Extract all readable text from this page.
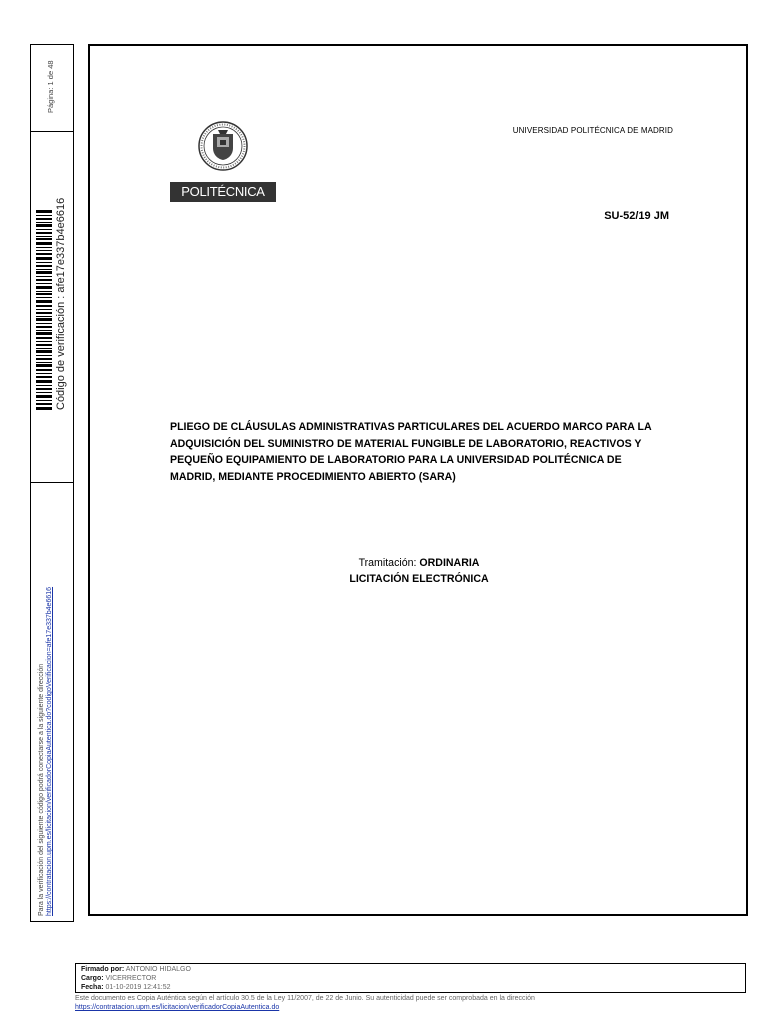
Página: 1 de 48
Código de verificación : afe17e337b4e6616
Para la verificación del siguiente código podrá conectarse a la siguiente dirección https://contratacion.upm.es/licitacion/verificadorCopiaAutentica.do?codigoVerificacion=afe17e337b4e6616
POLITÉCNICA
UNIVERSIDAD POLITÉCNICA DE MADRID
SU-52/19 JM
PLIEGO DE CLÁUSULAS ADMINISTRATIVAS PARTICULARES DEL ACUERDO MARCO PARA LA
ADQUISICIÓN DEL SUMINISTRO DE MATERIAL FUNGIBLE DE LABORATORIO, REACTIVOS Y
PEQUEÑO EQUIPAMIENTO DE LABORATORIO PARA LA UNIVERSIDAD POLITÉCNICA DE
MADRID, MEDIANTE PROCEDIMIENTO ABIERTO (SARA)
Tramitación: ORDINARIA
LICITACIÓN ELECTRÓNICA
Firmado por: ANTONIO HIDALGO
Cargo: VICERRECTOR
Fecha: 01-10-2019 12:41:52
Este documento es Copia Auténtica según el artículo 30.5 de la Ley 11/2007, de 22 de Junio. Su autenticidad puede ser comprobada en la dirección
https://contratacion.upm.es/licitacion/verificadorCopiaAutentica.do
